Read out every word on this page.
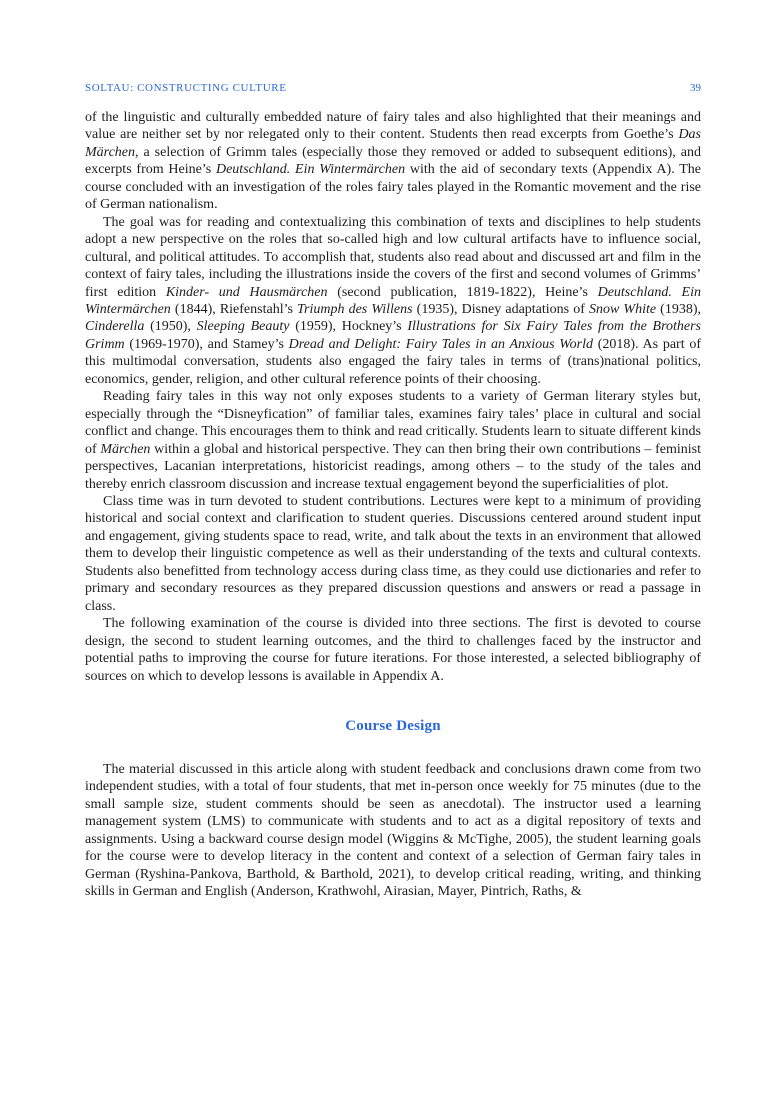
SOLTAU: CONSTRUCTING CULTURE	39

of the linguistic and culturally embedded nature of fairy tales and also highlighted that their meanings and value are neither set by nor relegated only to their content. Students then read excerpts from Goethe’s Das Märchen, a selection of Grimm tales (especially those they removed or added to subsequent editions), and excerpts from Heine’s Deutschland. Ein Wintermärchen with the aid of secondary texts (Appendix A). The course concluded with an investigation of the roles fairy tales played in the Romantic movement and the rise of German nationalism.

The goal was for reading and contextualizing this combination of texts and disciplines to help students adopt a new perspective on the roles that so-called high and low cultural artifacts have to influence social, cultural, and political attitudes. To accomplish that, students also read about and discussed art and film in the context of fairy tales, including the illustrations inside the covers of the first and second volumes of Grimms’ first edition Kinder- und Hausmärchen (second publication, 1819-1822), Heine’s Deutschland. Ein Wintermärchen (1844), Riefenstahl’s Triumph des Willens (1935), Disney adaptations of Snow White (1938), Cinderella (1950), Sleeping Beauty (1959), Hockney’s Illustrations for Six Fairy Tales from the Brothers Grimm (1969-1970), and Stamey’s Dread and Delight: Fairy Tales in an Anxious World (2018). As part of this multimodal conversation, students also engaged the fairy tales in terms of (trans)national politics, economics, gender, religion, and other cultural reference points of their choosing.

Reading fairy tales in this way not only exposes students to a variety of German literary styles but, especially through the “Disneyfication” of familiar tales, examines fairy tales’ place in cultural and social conflict and change. This encourages them to think and read critically. Students learn to situate different kinds of Märchen within a global and historical perspective. They can then bring their own contributions – feminist perspectives, Lacanian interpretations, historicist readings, among others – to the study of the tales and thereby enrich classroom discussion and increase textual engagement beyond the superficialities of plot.

Class time was in turn devoted to student contributions. Lectures were kept to a minimum of providing historical and social context and clarification to student queries. Discussions centered around student input and engagement, giving students space to read, write, and talk about the texts in an environment that allowed them to develop their linguistic competence as well as their understanding of the texts and cultural contexts. Students also benefitted from technology access during class time, as they could use dictionaries and refer to primary and secondary resources as they prepared discussion questions and answers or read a passage in class.

The following examination of the course is divided into three sections. The first is devoted to course design, the second to student learning outcomes, and the third to challenges faced by the instructor and potential paths to improving the course for future iterations. For those interested, a selected bibliography of sources on which to develop lessons is available in Appendix A.

Course Design

The material discussed in this article along with student feedback and conclusions drawn come from two independent studies, with a total of four students, that met in-person once weekly for 75 minutes (due to the small sample size, student comments should be seen as anecdotal). The instructor used a learning management system (LMS) to communicate with students and to act as a digital repository of texts and assignments. Using a backward course design model (Wiggins & McTighe, 2005), the student learning goals for the course were to develop literacy in the content and context of a selection of German fairy tales in German (Ryshina-Pankova, Barthold, & Barthold, 2021), to develop critical reading, writing, and thinking skills in German and English (Anderson, Krathwohl, Airasian, Mayer, Pintrich, Raths, &
